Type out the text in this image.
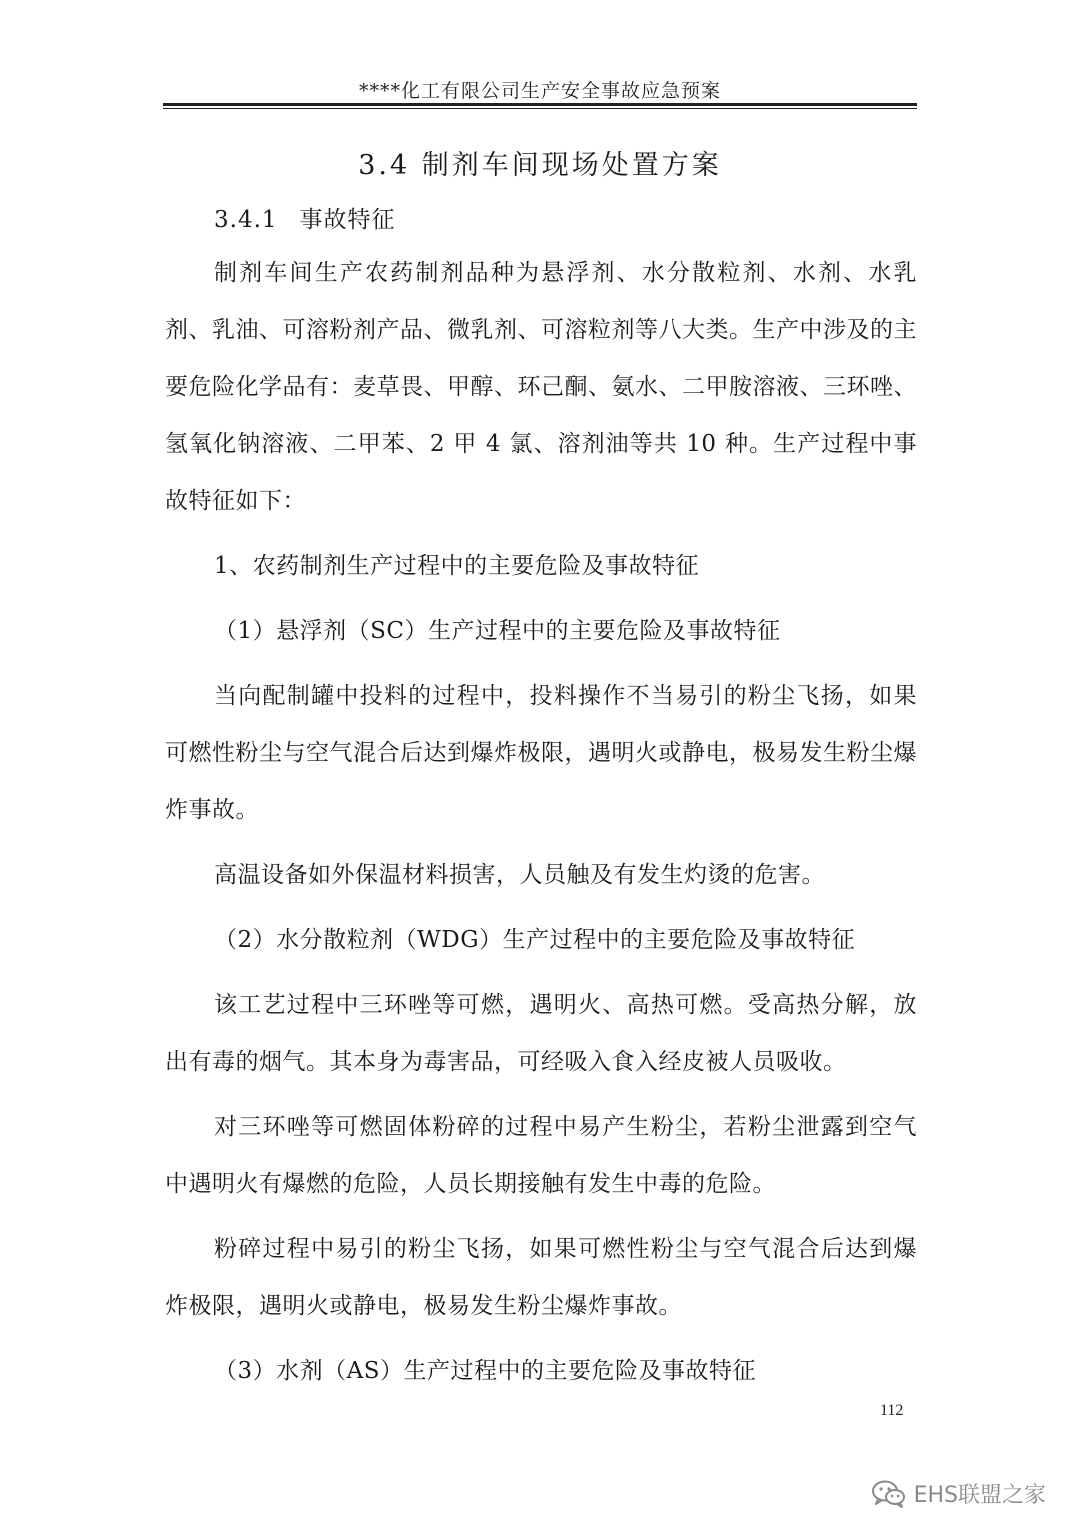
****化工有限公司生产安全事故应急预案
3.4 制剂车间现场处置方案
3.4.1 事故特征

制剂车间生产农药制剂品种为悬浮剂、水分散粒剂、水剂、水乳剂、乳油、可溶粉剂产品、微乳剂、可溶粒剂等八大类。生产中涉及的主要危险化学品有：麦草畏、甲醇、环己酮、氨水、二甲胺溶液、三环唑、 氢氧化钠溶液、二甲苯、2 甲 4 氯、溶剂油等共 10 种。生产过程中事故特征如下：

1、农药制剂生产过程中的主要危险及事故特征

（1）悬浮剂（SC）生产过程中的主要危险及事故特征

当向配制罐中投料的过程中，投料操作不当易引的粉尘飞扬，如果可燃性粉尘与空气混合后达到爆炸极限，遇明火或静电，极易发生粉尘爆炸事故。

高温设备如外保温材料损害，人员触及有发生灼烫的危害。

（2）水分散粒剂（WDG）生产过程中的主要危险及事故特征

该工艺过程中三环唑等可燃，遇明火、高热可燃。受高热分解，放出有毒的烟气。其本身为毒害品，可经吸入食入经皮被人员吸收。

对三环唑等可燃固体粉碎的过程中易产生粉尘，若粉尘泄露到空气中遇明火有爆燃的危险，人员长期接触有发生中毒的危险。

粉碎过程中易引的粉尘飞扬，如果可燃性粉尘与空气混合后达到爆炸极限，遇明火或静电，极易发生粉尘爆炸事故。

（3）水剂（AS）生产过程中的主要危险及事故特征

112
EHS联盟之家
